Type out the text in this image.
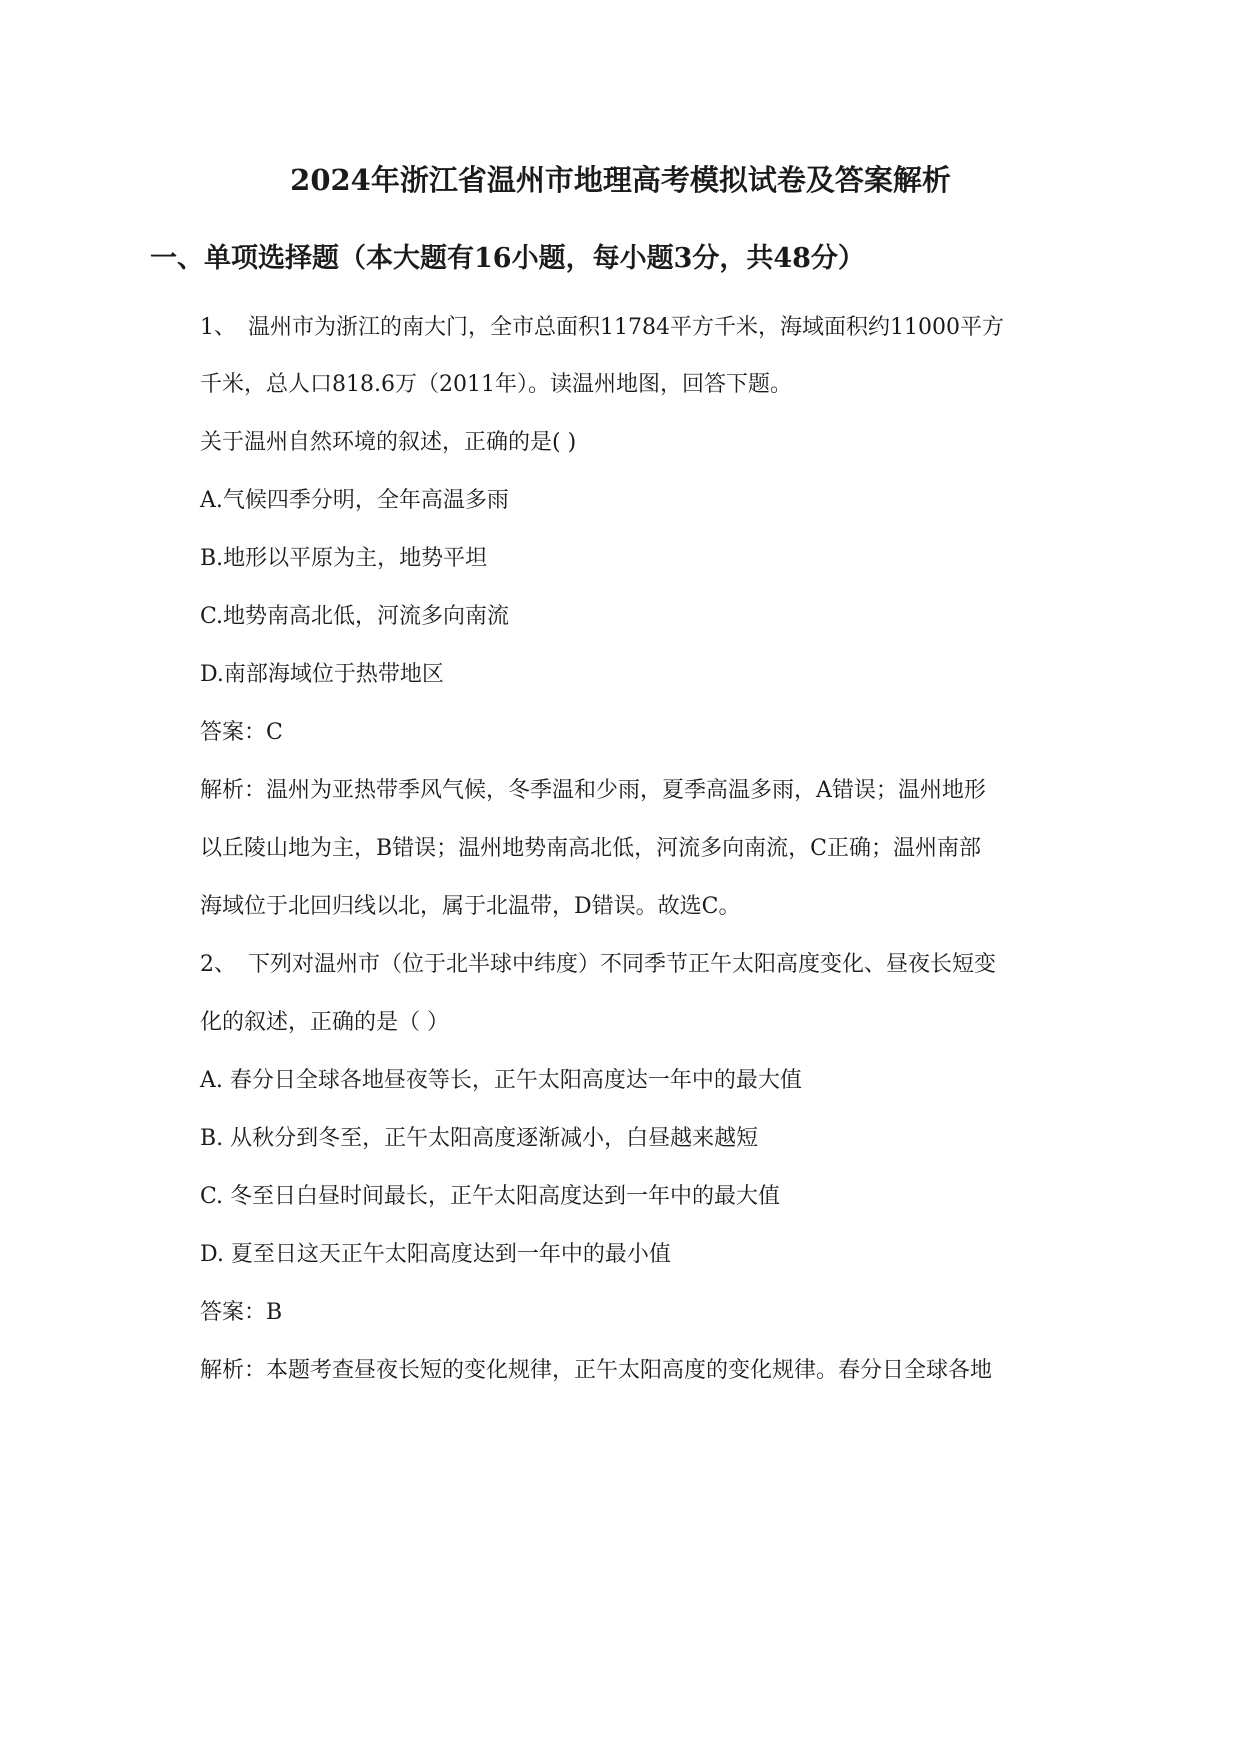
2024年浙江省温州市地理高考模拟试卷及答案解析
一、单项选择题（本大题有16小题，每小题3分，共48分）
1、 温州市为浙江的南大门，全市总面积11784平方千米，海域面积约11000平方
千米，总人口818.6万（2011年）。读温州地图，回答下题。
关于温州自然环境的叙述，正确的是( )
A.气候四季分明，全年高温多雨
B.地形以平原为主，地势平坦
C.地势南高北低，河流多向南流
D.南部海域位于热带地区
答案：C
解析：温州为亚热带季风气候，冬季温和少雨，夏季高温多雨，A错误；温州地形
以丘陵山地为主，B错误；温州地势南高北低，河流多向南流，C正确；温州南部
海域位于北回归线以北，属于北温带，D错误。故选C。
2、 下列对温州市（位于北半球中纬度）不同季节正午太阳高度变化、昼夜长短变
化的叙述，正确的是（ ）
A. 春分日全球各地昼夜等长，正午太阳高度达一年中的最大值
B. 从秋分到冬至，正午太阳高度逐渐减小，白昼越来越短
C. 冬至日白昼时间最长，正午太阳高度达到一年中的最大值
D. 夏至日这天正午太阳高度达到一年中的最小值
答案：B
解析：本题考查昼夜长短的变化规律，正午太阳高度的变化规律。春分日全球各地
